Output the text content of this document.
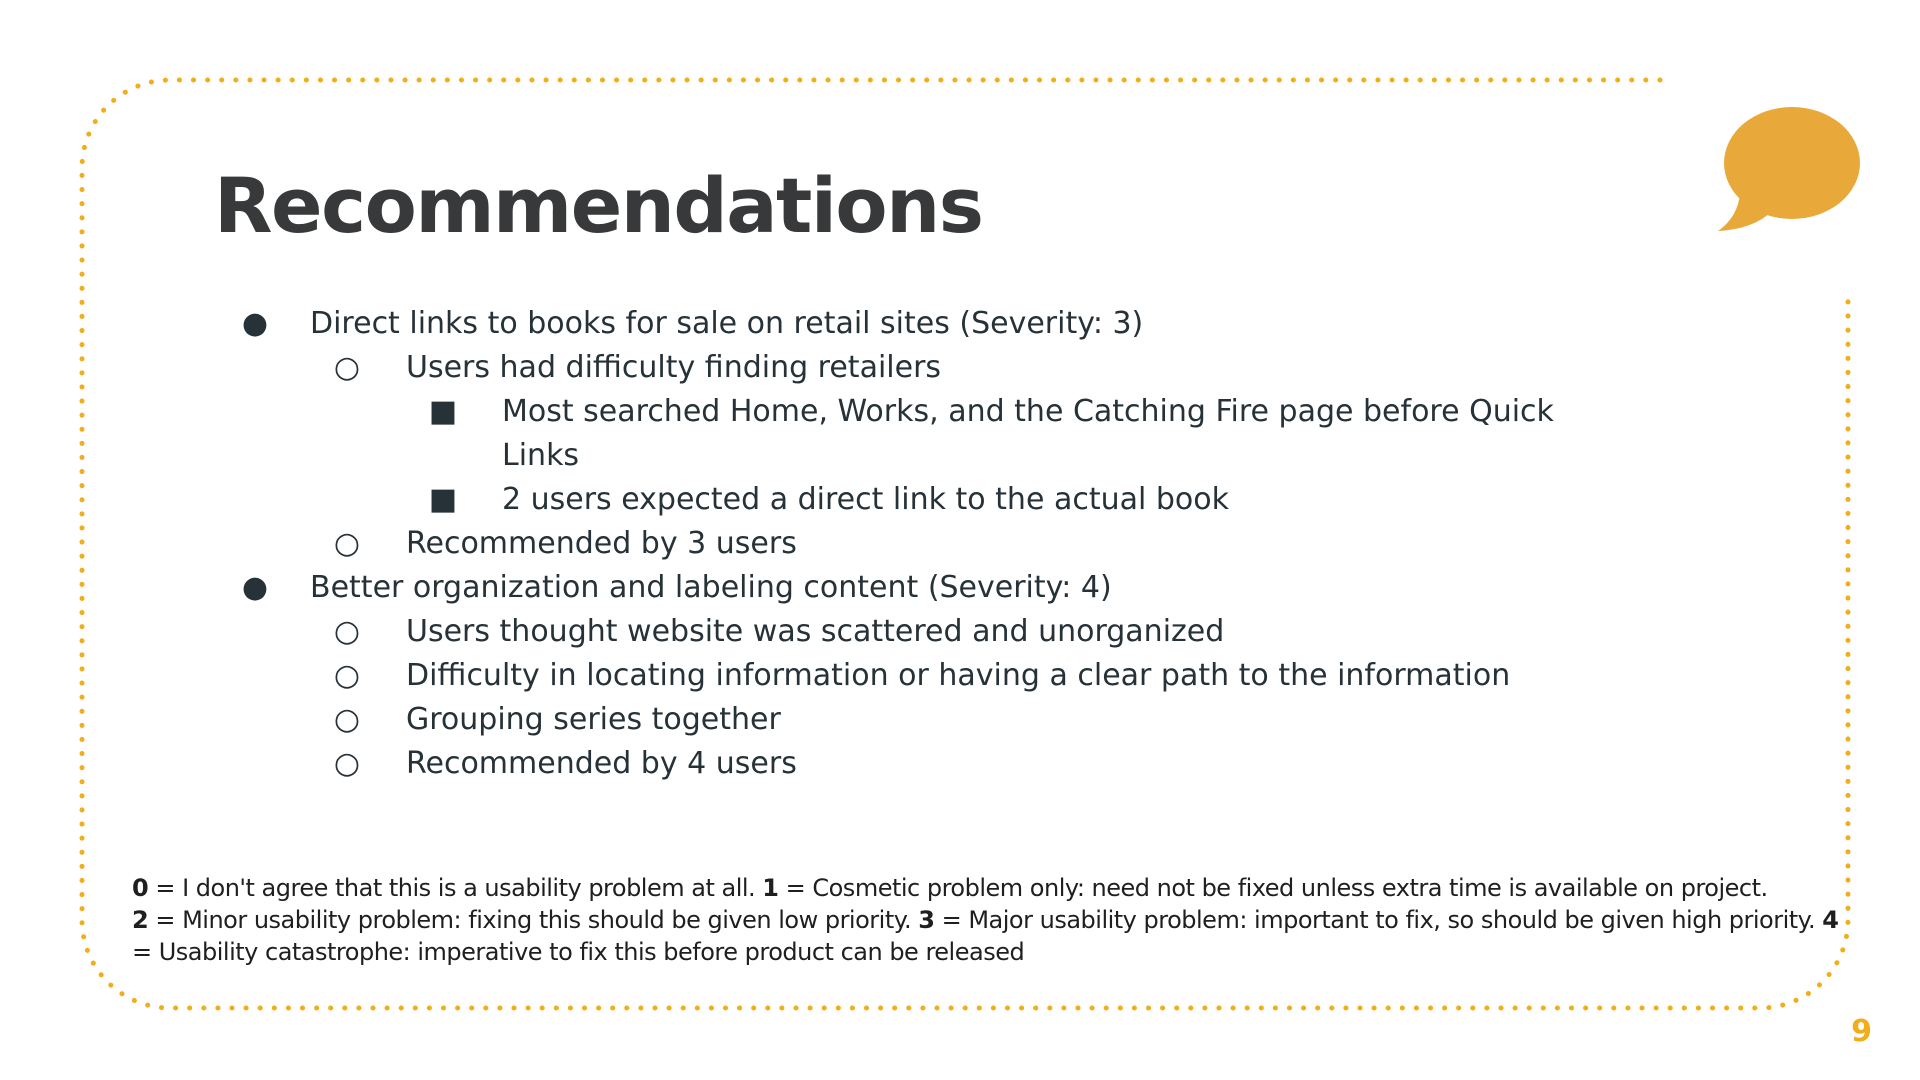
Recommendations
● Direct links to books for sale on retail sites (Severity: 3)
○ Users had difficulty finding retailers
■ Most searched Home, Works, and the Catching Fire page before Quick
Links
■ 2 users expected a direct link to the actual book
○ Recommended by 3 users
● Better organization and labeling content (Severity: 4)
○ Users thought website was scattered and unorganized
○ Difficulty in locating information or having a clear path to the information
○ Grouping series together
○ Recommended by 4 users
0 = I don't agree that this is a usability problem at all. 1 = Cosmetic problem only: need not be fixed unless extra time is available on project.
2 = Minor usability problem: fixing this should be given low priority. 3 = Major usability problem: important to fix, so should be given high priority. 4 = Usability catastrophe: imperative to fix this before product can be released
9
